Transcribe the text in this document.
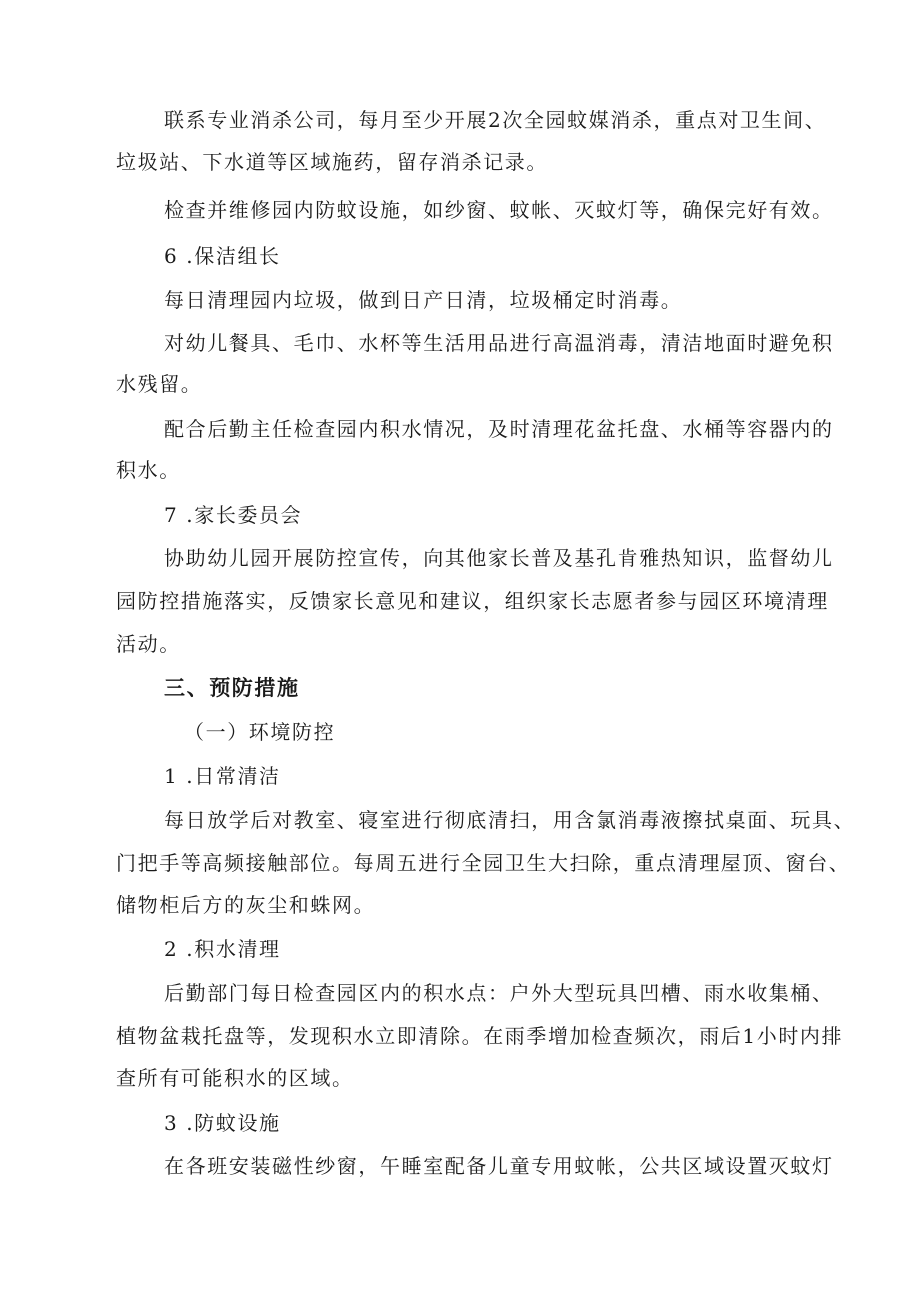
联系专业消杀公司，每月至少开展2次全园蚊媒消杀，重点对卫生间、
垃圾站、下水道等区域施药，留存消杀记录。
检查并维修园内防蚊设施，如纱窗、蚊帐、灭蚊灯等，确保完好有效。
6 .保洁组长
每日清理园内垃圾，做到日产日清，垃圾桶定时消毒。
对幼儿餐具、毛巾、水杯等生活用品进行高温消毒，清洁地面时避免积
水残留。
配合后勤主任检查园内积水情况，及时清理花盆托盘、水桶等容器内的
积水。
7 .家长委员会
协助幼儿园开展防控宣传，向其他家长普及基孔肯雅热知识，监督幼儿
园防控措施落实，反馈家长意见和建议，组织家长志愿者参与园区环境清理
活动。
三、预防措施
（一）环境防控
1 .日常清洁
每日放学后对教室、寝室进行彻底清扫，用含氯消毒液擦拭桌面、玩具、
门把手等高频接触部位。每周五进行全园卫生大扫除，重点清理屋顶、窗台、
储物柜后方的灰尘和蛛网。
2 .积水清理
后勤部门每日检查园区内的积水点：户外大型玩具凹槽、雨水收集桶、
植物盆栽托盘等，发现积水立即清除。在雨季增加检查频次，雨后1小时内排
查所有可能积水的区域。
3 .防蚊设施
在各班安装磁性纱窗，午睡室配备儿童专用蚊帐，公共区域设置灭蚊灯
